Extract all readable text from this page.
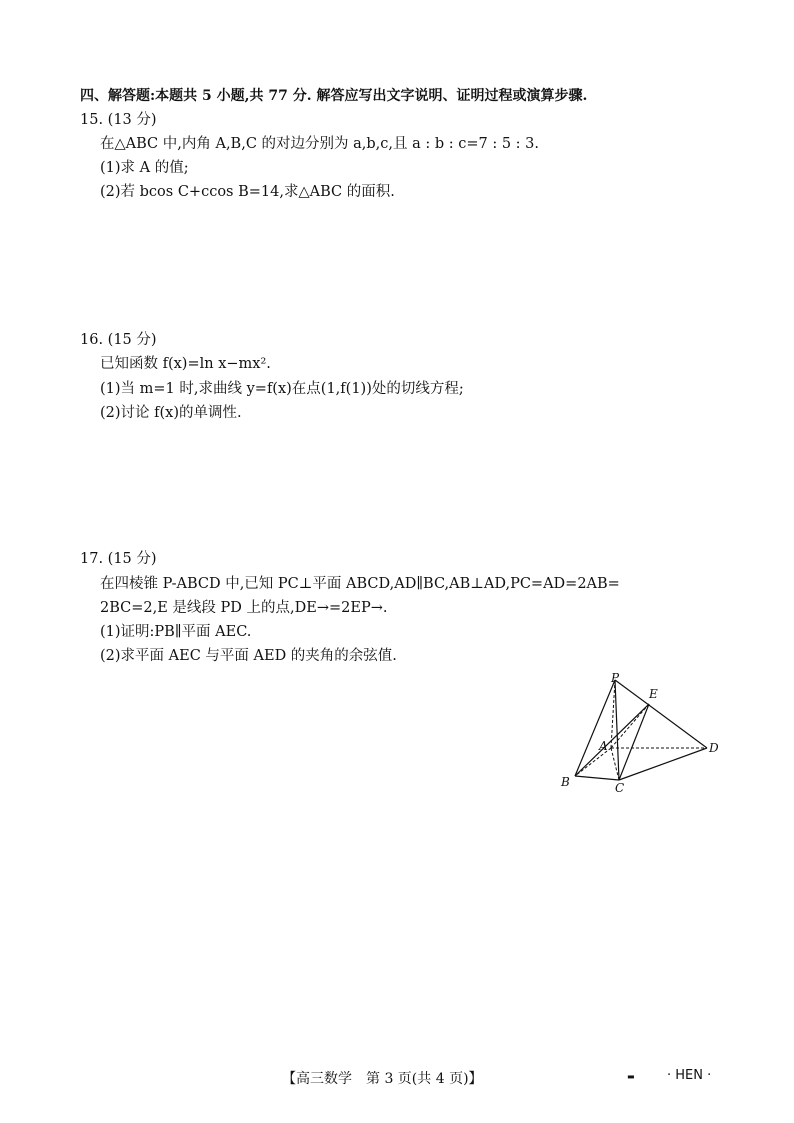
四、解答题:本题共 5 小题,共 77 分. 解答应写出文字说明、证明过程或演算步骤.
15. (13 分)
在△ABC 中,内角 A,B,C 的对边分别为 a,b,c,且 a : b : c=7 : 5 : 3.
(1)求 A 的值;
(2)若 bcos C+ccos B=14,求△ABC 的面积.
16. (15 分)
已知函数 f(x)=ln x−mx².
(1)当 m=1 时,求曲线 y=f(x)在点(1,f(1))处的切线方程;
(2)讨论 f(x)的单调性.
17. (15 分)
在四棱锥 P-ABCD 中,已知 PC⊥平面 ABCD,AD∥BC,AB⊥AD,PC=AD=2AB=
2BC=2,E 是线段 PD 上的点,DE→=2EP→.
(1)证明:PB∥平面 AEC.
(2)求平面 AEC 与平面 AED 的夹角的余弦值.
P
E
A	D
B	C
【高三数学　第 3 页(共 4 页)】	▬ · HEN ·
